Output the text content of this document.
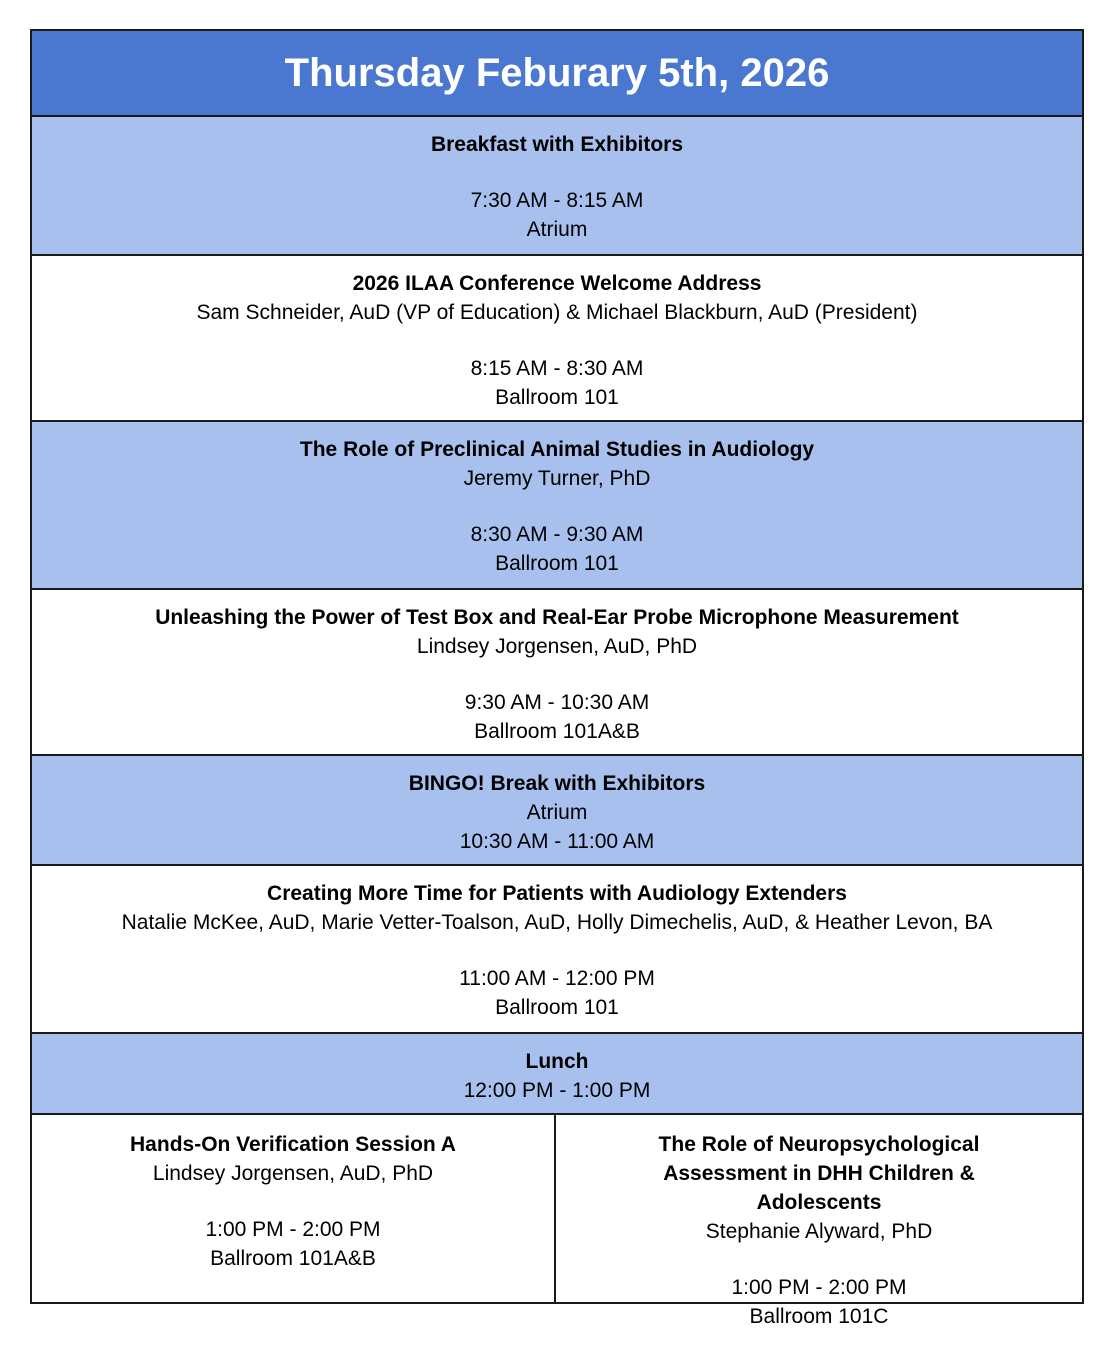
Thursday Feburary 5th, 2026
Breakfast with Exhibitors
7:30 AM - 8:15 AM
Atrium
2026 ILAA Conference Welcome Address
Sam Schneider, AuD (VP of Education) & Michael Blackburn, AuD (President)
8:15 AM - 8:30 AM
Ballroom 101
The Role of Preclinical Animal Studies in Audiology
Jeremy Turner, PhD
8:30 AM - 9:30 AM
Ballroom 101
Unleashing the Power of Test Box and Real-Ear Probe Microphone Measurement
Lindsey Jorgensen, AuD, PhD
9:30 AM - 10:30 AM
Ballroom 101A&B
BINGO! Break with Exhibitors
Atrium
10:30 AM - 11:00 AM
Creating More Time for Patients with Audiology Extenders
Natalie McKee, AuD, Marie Vetter-Toalson, AuD, Holly Dimechelis, AuD, & Heather Levon, BA
11:00 AM - 12:00 PM
Ballroom 101
Lunch
12:00 PM - 1:00 PM
Hands-On Verification Session A
Lindsey Jorgensen, AuD, PhD
1:00 PM - 2:00 PM
Ballroom 101A&B
The Role of Neuropsychological Assessment in DHH Children & Adolescents
Stephanie Alyward, PhD
1:00 PM - 2:00 PM
Ballroom 101C
